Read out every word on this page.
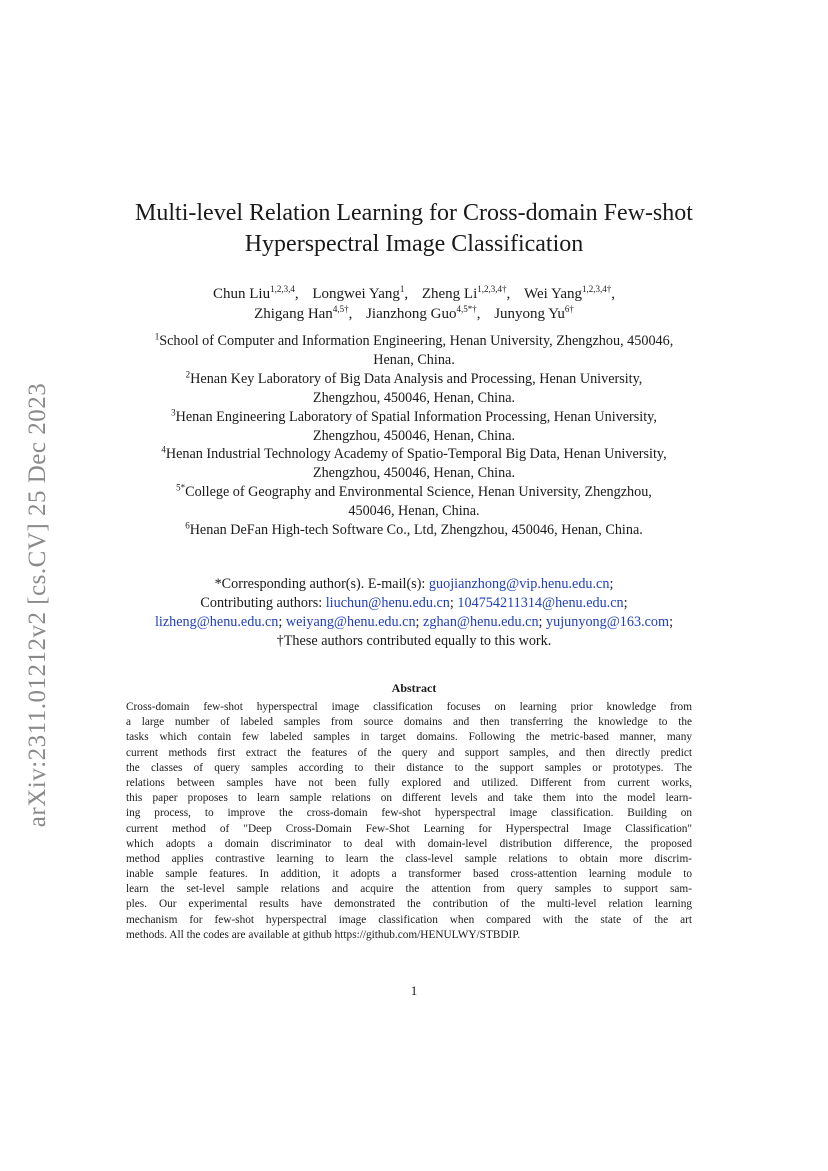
arXiv:2311.01212v2 [cs.CV] 25 Dec 2023
Multi-level Relation Learning for Cross-domain Few-shot
Hyperspectral Image Classification
Chun Liu$^{1,2,3,4}$, Longwei Yang$^1$, Zheng $Li^{1,2,3,4\dagger}$, Wei Yang$^{1,2,3,4\dagger}$,
Zhigang Han$^{4,5\dagger}$, Jianzhong Guo$^{4,5*\dagger}$, Junyong $Yu^{6\dagger}$
$^1$School of Computer and Information Engineering, Henan University, Zhengzhou, 450046,
Henan, China.
$^2$Henan Key Laboratory of Big Data Analysis and Processing, Henan University,
Zhengzhou, 450046, Henan, China.
$^3$Henan Engineering Laboratory of Spatial Information Processing, Henan University,
Zhengzhou, 450046, Henan, China.
$^4$Henan Industrial Technology Academy of Spatio-Temporal Big Data, Henan University,
Zhengzhou, 450046, Henan, China.
$^{5*}$College of Geography and Environmental Science, Henan University, Zhengzhou,
450046, Henan, China.
$^6$Henan DeFan High-tech Software Co., Ltd, Zhengzhou, 450046, Henan, China.
*Corresponding author(s). E-mail(s): guojianzhong@vip.henu.edu.cn;
Contributing authors: liuchun@henu.edu.cn; 104754211314@henu.edu.cn;
lizheng@henu.edu.cn; weiyang@henu.edu.cn; zghan@henu.edu.cn; yujunyong@163.com;
†These authors contributed equally to this work.
Abstract
Cross-domain few-shot hyperspectral image classification focuses on learning prior knowledge from
a large number of labeled samples from source domains and then transferring the knowledge to the
tasks which contain few labeled samples in target domains. Following the metric-based manner, many
current methods first extract the features of the query and support samples, and then directly predict
the classes of query samples according to their distance to the support samples or prototypes. The
relations between samples have not been fully explored and utilized. Different from current works,
this paper proposes to learn sample relations on different levels and take them into the model learn-
ing process, to improve the cross-domain few-shot hyperspectral image classification. Building on
current method of "Deep Cross-Domain Few-Shot Learning for Hyperspectral Image Classification"
which adopts a domain discriminator to deal with domain-level distribution difference, the proposed
method applies contrastive learning to learn the class-level sample relations to obtain more discrim-
inable sample features. In addition, it adopts a transformer based cross-attention learning module to
learn the set-level sample relations and acquire the attention from query samples to support sam-
ples. Our experimental results have demonstrated the contribution of the multi-level relation learning
mechanism for few-shot hyperspectral image classification when compared with the state of the art
methods. All the codes are available at github https://github.com/HENULWY/STBDIP.
1
